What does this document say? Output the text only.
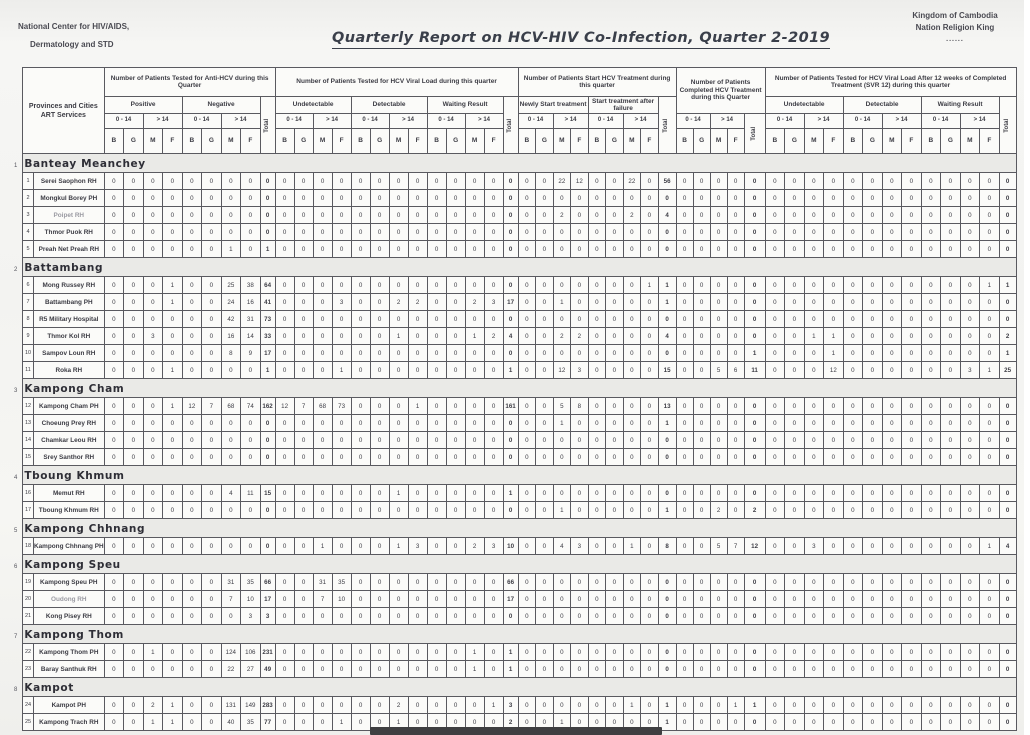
National Center for HIV/AIDS,
Dermatology and STD
Kingdom of Cambodia
Nation Religion King
......
Quarterly Report on HCV-HIV Co-Infection, Quarter 2-2019
Provinces and Cities ART Services		Number of Patients Tested for Anti-HCV during this Quarter									Number of Patients Tested for HCV Viral Load during this quarter													Number of Patients Start HCV Treatment during this quarter									Number of Patients Completed HCV Treatment during this Quarter					Number of Patients Tested for HCV Viral Load After 12 weeks of Completed Treatment (SVR 12) during this quarter												
		Positive				Negative				Total	Undetectable				Detectable				Waiting Result				Total	Newly Start treatment				Start treatment after failure				Total						Undetectable				Detectable				Waiting Result				Total
		0 - 14		> 14		0 - 14		> 14			0 - 14		> 14		0 - 14		> 14		0 - 14		> 14			0 - 14		> 14		0 - 14		> 14			0 - 14		> 14		Total	0 - 14		> 14		0 - 14		> 14		0 - 14		> 14		
		B	G	M	F	B	G	M	F		B	G	M	F	B	G	M	F	B	G	M	F		B	G	M	F	B	G	M	F		B	G	M	F		B	G	M	F	B	G	M	F	B	G	M	F	
1 Banteay Meanchey																																																		
1	Serei Saophon RH	0	0	0	0	0	0	0	0	0	0	0	0	0	0	0	0	0	0	0	0	0	0	0	0	22	12	0	0	22	0	56	0	0	0	0	0	0	0	0	0	0	0	0	0	0	0	0	0	0
2	Mongkul Borey PH	0	0	0	0	0	0	0	0	0	0	0	0	0	0	0	0	0	0	0	0	0	0	0	0	0	0	0	0	0	0	0	0	0	0	0	0	0	0	0	0	0	0	0	0	0	0	0	0	0
3	Poipet RH	0	0	0	0	0	0	0	0	0	0	0	0	0	0	0	0	0	0	0	0	0	0	0	0	2	0	0	0	2	0	4	0	0	0	0	0	0	0	0	0	0	0	0	0	0	0	0	0	0
4	Thmor Puok RH	0	0	0	0	0	0	0	0	0	0	0	0	0	0	0	0	0	0	0	0	0	0	0	0	0	0	0	0	0	0	0	0	0	0	0	0	0	0	0	0	0	0	0	0	0	0	0	0	0
5	Preah Net Preah RH	0	0	0	0	0	0	1	0	1	0	0	0	0	0	0	0	0	0	0	0	0	0	0	0	0	0	0	0	0	0	0	0	0	0	0	0	0	0	0	0	0	0	0	0	0	0	0	0	0
2 Battambang																																																		
6	Mong Russey RH	0	0	0	1	0	0	25	38	64	0	0	0	0	0	0	0	0	0	0	0	0	0	0	0	0	0	0	0	0	1	1	0	0	0	0	0	0	0	0	0	0	0	0	0	0	0	0	1	1
7	Battambang PH	0	0	0	1	0	0	24	16	41	0	0	0	3	0	0	2	2	0	0	2	3	17	0	0	1	0	0	0	0	0	1	0	0	0	0	0	0	0	0	0	0	0	0	0	0	0	0	0	0
8	R5 Military Hospital	0	0	0	0	0	0	42	31	73	0	0	0	0	0	0	0	0	0	0	0	0	0	0	0	0	0	0	0	0	0	0	0	0	0	0	0	0	0	0	0	0	0	0	0	0	0	0	0	0
9	Thmor Kol RH	0	0	3	0	0	0	16	14	33	0	0	0	0	0	0	1	0	0	0	1	2	4	0	0	2	2	0	0	0	0	4	0	0	0	0	0	0	0	1	1	0	0	0	0	0	0	0	0	2
10	Sampov Loun RH	0	0	0	0	0	0	8	9	17	0	0	0	0	0	0	0	0	0	0	0	0	0	0	0	0	0	0	0	0	0	0	0	0	0	0	1	0	0	0	1	0	0	0	0	0	0	0	0	1
11	Roka RH	0	0	0	1	0	0	0	0	1	0	0	0	1	0	0	0	0	0	0	0	0	1	0	0	12	3	0	0	0	0	15	0	0	5	6	11	0	0	0	12	0	0	0	0	0	0	3	1	25
3 Kampong Cham																																																		
12	Kampong Cham PH	0	0	0	1	12	7	68	74	162	12	7	68	73	0	0	0	1	0	0	0	0	161	0	0	5	8	0	0	0	0	13	0	0	0	0	0	0	0	0	0	0	0	0	0	0	0	0	0	0
13	Choeung Prey RH	0	0	0	0	0	0	0	0	0	0	0	0	0	0	0	0	0	0	0	0	0	0	0	0	1	0	0	0	0	0	1	0	0	0	0	0	0	0	0	0	0	0	0	0	0	0	0	0	0
14	Chamkar Leou RH	0	0	0	0	0	0	0	0	0	0	0	0	0	0	0	0	0	0	0	0	0	0	0	0	0	0	0	0	0	0	0	0	0	0	0	0	0	0	0	0	0	0	0	0	0	0	0	0	0
15	Srey Santhor RH	0	0	0	0	0	0	0	0	0	0	0	0	0	0	0	0	0	0	0	0	0	0	0	0	0	0	0	0	0	0	0	0	0	0	0	0	0	0	0	0	0	0	0	0	0	0	0	0	0
4 Tboung Khmum																																																		
16	Memut RH	0	0	0	0	0	0	4	11	15	0	0	0	0	0	0	1	0	0	0	0	0	1	0	0	0	0	0	0	0	0	0	0	0	0	0	0	0	0	0	0	0	0	0	0	0	0	0	0	0
17	Tboung Khmum RH	0	0	0	0	0	0	0	0	0	0	0	0	0	0	0	0	0	0	0	0	0	0	0	0	1	0	0	0	0	0	1	0	0	2	0	2	0	0	0	0	0	0	0	0	0	0	0	0	0
5 Kampong Chhnang																																																		
18	Kampong Chhnang PH	0	0	0	0	0	0	0	0	0	0	0	1	0	0	0	1	3	0	0	2	3	10	0	0	4	3	0	0	1	0	8	0	0	5	7	12	0	0	3	0	0	0	0	0	0	0	0	1	4
6 Kampong Speu																																																		
19	Kampong Speu PH	0	0	0	0	0	0	31	35	66	0	0	31	35	0	0	0	0	0	0	0	0	66	0	0	0	0	0	0	0	0	0	0	0	0	0	0	0	0	0	0	0	0	0	0	0	0	0	0	0
20	Oudong RH	0	0	0	0	0	0	7	10	17	0	0	7	10	0	0	0	0	0	0	0	0	17	0	0	0	0	0	0	0	0	0	0	0	0	0	0	0	0	0	0	0	0	0	0	0	0	0	0	0
21	Kong Pisey RH	0	0	0	0	0	0	0	3	3	0	0	0	0	0	0	0	0	0	0	0	0	0	0	0	0	0	0	0	0	0	0	0	0	0	0	0	0	0	0	0	0	0	0	0	0	0	0	0	0
7 Kampong Thom																																																		
22	Kampong Thom PH	0	0	1	0	0	0	124	106	231	0	0	0	0	0	0	0	0	0	0	1	0	1	0	0	0	0	0	0	0	0	0	0	0	0	0	0	0	0	0	0	0	0	0	0	0	0	0	0	0
23	Baray Santhuk RH	0	0	0	0	0	0	22	27	49	0	0	0	0	0	0	0	0	0	0	1	0	1	0	0	0	0	0	0	0	0	0	0	0	0	0	0	0	0	0	0	0	0	0	0	0	0	0	0	0
8 Kampot																																																		
24	Kampot PH	0	0	2	1	0	0	131	149	283	0	0	0	0	0	0	2	0	0	0	0	1	3	0	0	0	0	0	0	1	0	1	0	0	0	1	1	0	0	0	0	0	0	0	0	0	0	0	0	0
25	Kampong Trach RH	0	0	1	1	0	0	40	35	77	0	0	0	1	0	0	1	0	0	0	0	0	2	0	0	1	0	0	0	0	0	1	0	0	0	0	0	0	0	0	0	0	0	0	0	0	0	0	0	0
